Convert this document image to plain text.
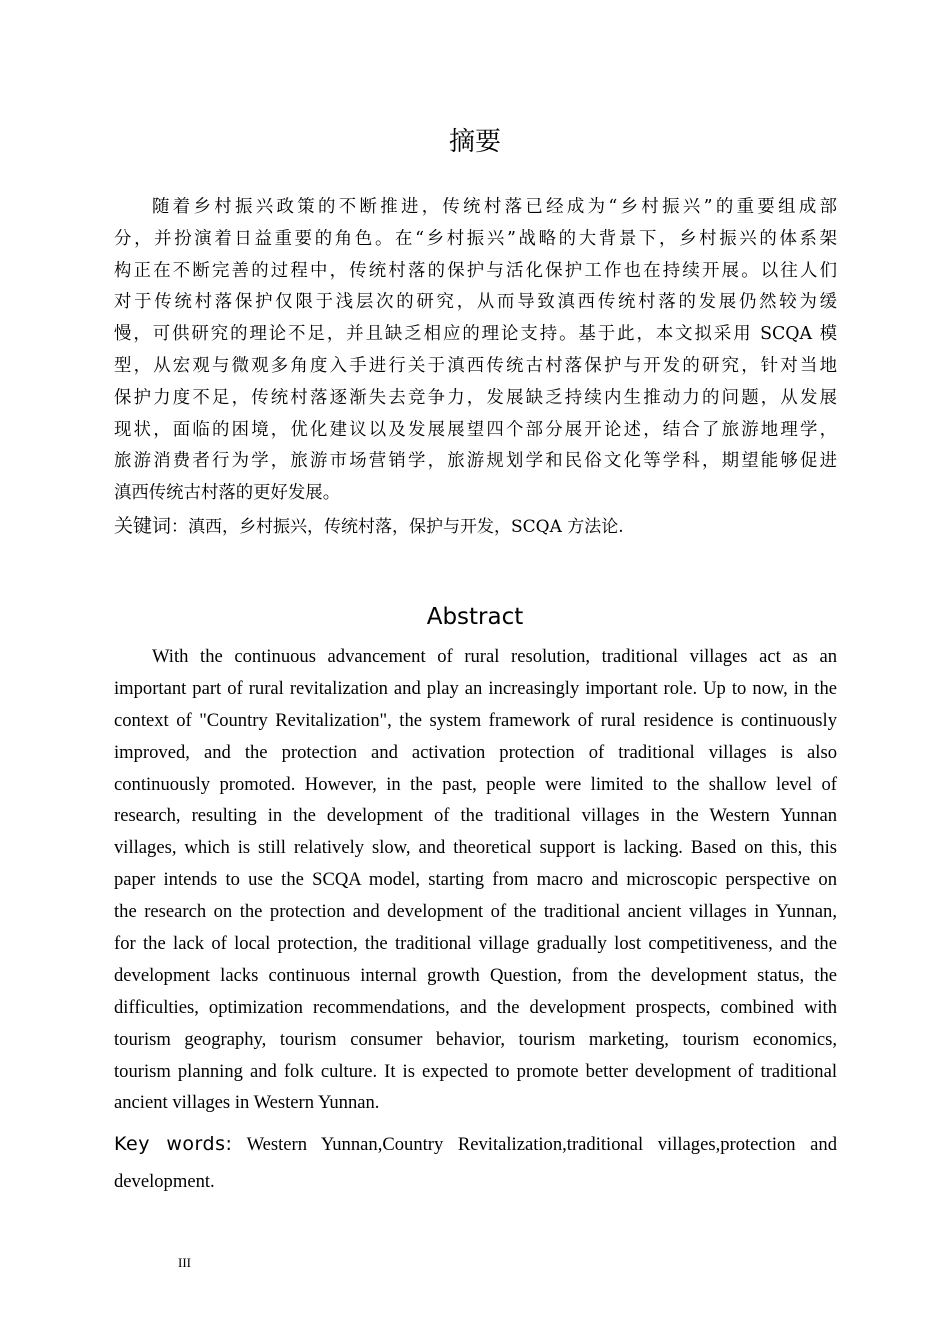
摘要
随着乡村振兴政策的不断推进，传统村落已经成为“乡村振兴”的重要组成部
分，并扮演着日益重要的角色。在“乡村振兴”战略的大背景下，乡村振兴的体系架
构正在不断完善的过程中，传统村落的保护与活化保护工作也在持续开展。以往人们
对于传统村落保护仅限于浅层次的研究，从而导致滇西传统村落的发展仍然较为缓
慢，可供研究的理论不足，并且缺乏相应的理论支持。基于此，本文拟采用 SCQA 模
型，从宏观与微观多角度入手进行关于滇西传统古村落保护与开发的研究，针对当地
保护力度不足，传统村落逐渐失去竞争力，发展缺乏持续内生推动力的问题，从发展
现状，面临的困境，优化建议以及发展展望四个部分展开论述，结合了旅游地理学，
旅游消费者行为学，旅游市场营销学，旅游规划学和民俗文化等学科，期望能够促进
滇西传统古村落的更好发展。
关键词：滇西，乡村振兴，传统村落，保护与开发，SCQA 方法论.
Abstract
With the continuous advancement of rural resolution, traditional villages act as an
important part of rural revitalization and play an increasingly important role. Up to now, in the
context of "Country Revitalization", the system framework of rural residence is continuously
improved, and the protection and activation protection of traditional villages is also
continuously promoted. However, in the past, people were limited to the shallow level of
research, resulting in the development of the traditional villages in the Western Yunnan
villages, which is still relatively slow, and theoretical support is lacking. Based on this, this
paper intends to use the SCQA model, starting from macro and microscopic perspective on
the research on the protection and development of the traditional ancient villages in Yunnan,
for the lack of local protection, the traditional village gradually lost competitiveness, and the
development lacks continuous internal growth Question, from the development status, the
difficulties, optimization recommendations, and the development prospects, combined with
tourism geography, tourism consumer behavior, tourism marketing, tourism economics,
tourism planning and folk culture. It is expected to promote better development of traditional
ancient villages in Western Yunnan.
Key words: Western Yunnan,Country Revitalization,traditional villages,protection and
development.
III
